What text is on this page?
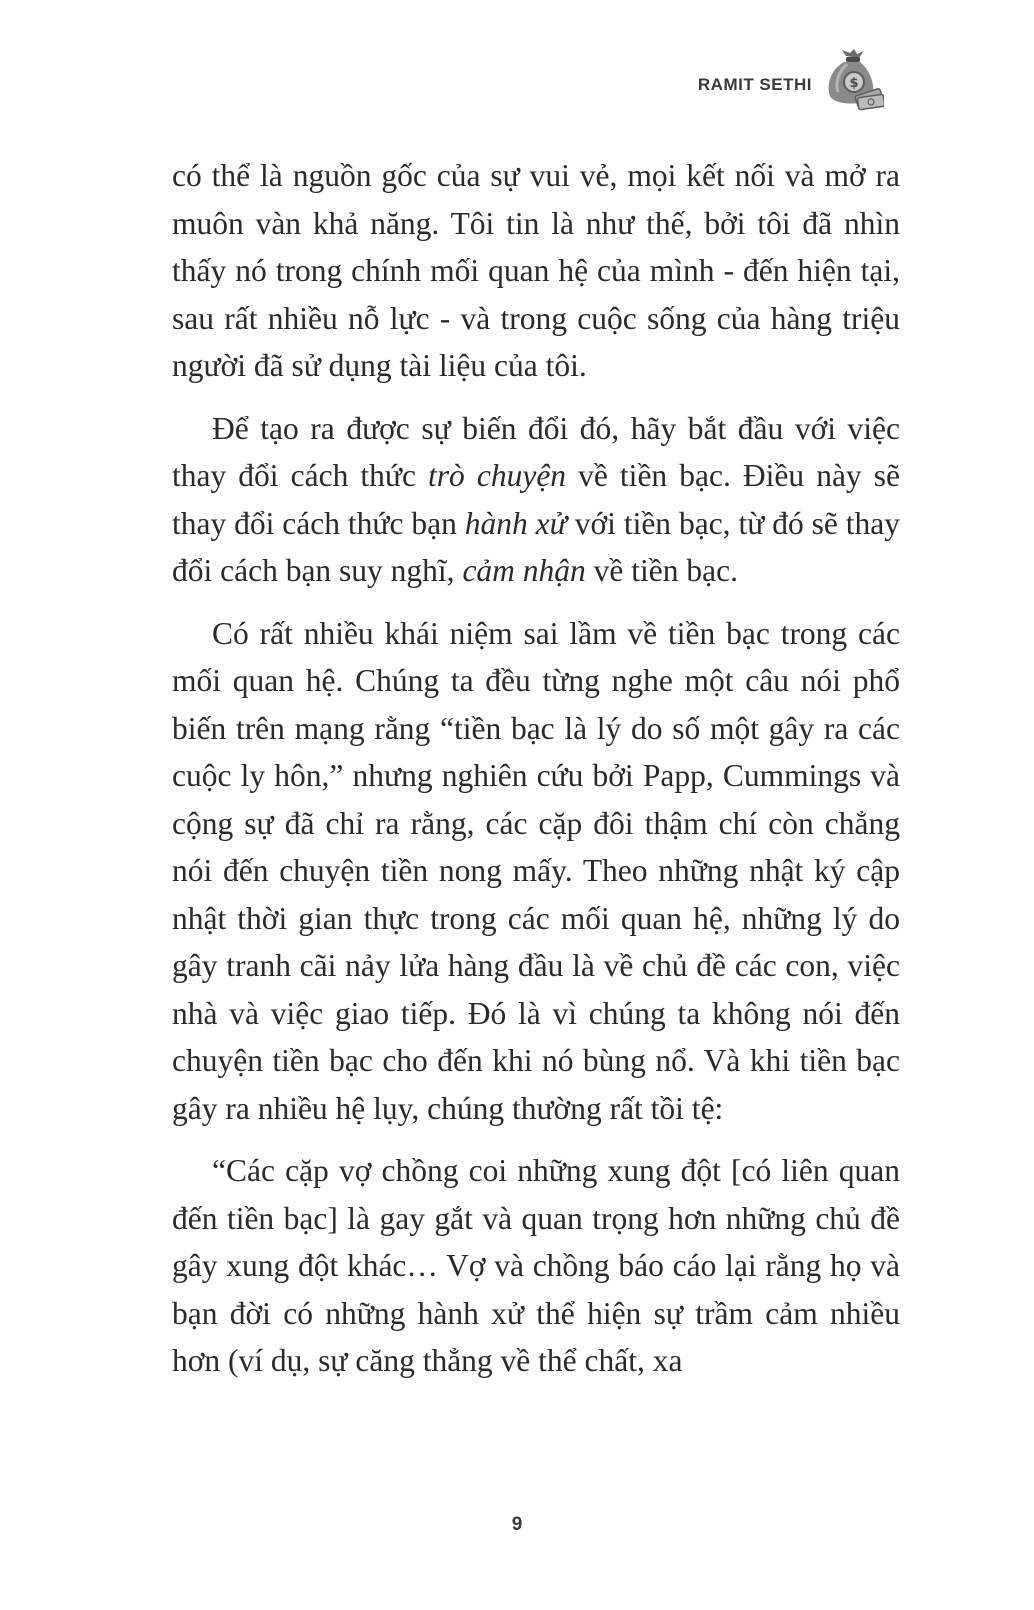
RAMIT SETHI	$

có thể là nguồn gốc của sự vui vẻ, mọi kết nối và mở ra muôn vàn khả năng. Tôi tin là như thế, bởi tôi đã nhìn thấy nó trong chính mối quan hệ của mình - đến hiện tại, sau rất nhiều nỗ lực - và trong cuộc sống của hàng triệu người đã sử dụng tài liệu của tôi.

Để tạo ra được sự biến đổi đó, hãy bắt đầu với việc thay đổi cách thức trò chuyện về tiền bạc. Điều này sẽ thay đổi cách thức bạn hành xử với tiền bạc, từ đó sẽ thay đổi cách bạn suy nghĩ, cảm nhận về tiền bạc.

Có rất nhiều khái niệm sai lầm về tiền bạc trong các mối quan hệ. Chúng ta đều từng nghe một câu nói phổ biến trên mạng rằng “tiền bạc là lý do số một gây ra các cuộc ly hôn,” nhưng nghiên cứu bởi Papp, Cummings và cộng sự đã chỉ ra rằng, các cặp đôi thậm chí còn chẳng nói đến chuyện tiền nong mấy. Theo những nhật ký cập nhật thời gian thực trong các mối quan hệ, những lý do gây tranh cãi nảy lửa hàng đầu là về chủ đề các con, việc nhà và việc giao tiếp. Đó là vì chúng ta không nói đến chuyện tiền bạc cho đến khi nó bùng nổ. Và khi tiền bạc gây ra nhiều hệ lụy, chúng thường rất tồi tệ:

“Các cặp vợ chồng coi những xung đột [có liên quan đến tiền bạc] là gay gắt và quan trọng hơn những chủ đề gây xung đột khác… Vợ và chồng báo cáo lại rằng họ và bạn đời có những hành xử thể hiện sự trầm cảm nhiều hơn (ví dụ, sự căng thẳng về thể chất, xa

9
